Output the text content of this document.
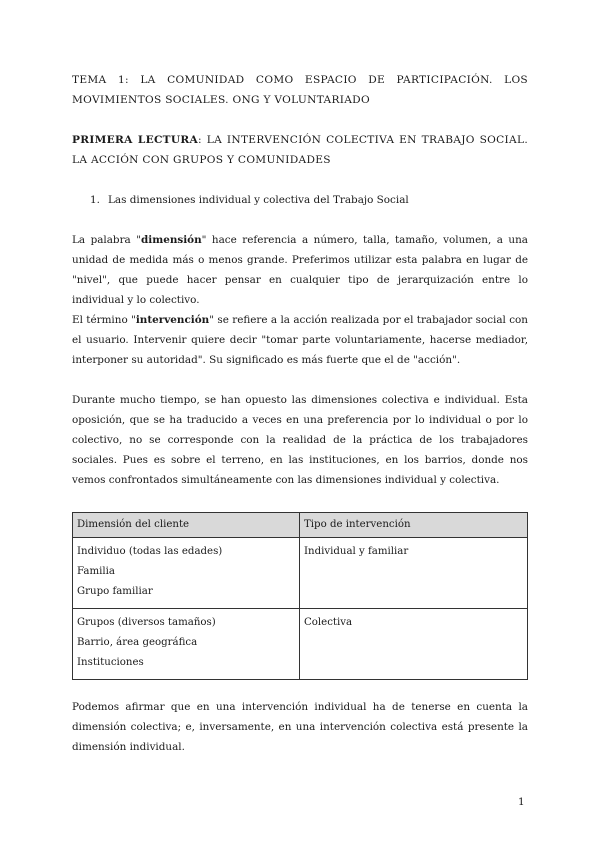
TEMA 1: LA COMUNIDAD COMO ESPACIO DE PARTICIPACIÓN. LOS MOVIMIENTOS SOCIALES. ONG Y VOLUNTARIADO

PRIMERA LECTURA: LA INTERVENCIÓN COLECTIVA EN TRABAJO SOCIAL. LA ACCIÓN CON GRUPOS Y COMUNIDADES

1. Las dimensiones individual y colectiva del Trabajo Social

La palabra "dimensión" hace referencia a número, talla, tamaño, volumen, a una unidad de medida más o menos grande. Preferimos utilizar esta palabra en lugar de "nivel", que puede hacer pensar en cualquier tipo de jerarquización entre lo individual y lo colectivo.

El término "intervención" se refiere a la acción realizada por el trabajador social con el usuario. Intervenir quiere decir "tomar parte voluntariamente, hacerse mediador, interponer su autoridad". Su significado es más fuerte que el de "acción".

Durante mucho tiempo, se han opuesto las dimensiones colectiva e individual. Esta oposición, que se ha traducido a veces en una preferencia por lo individual o por lo colectivo, no se corresponde con la realidad de la práctica de los trabajadores sociales. Pues es sobre el terreno, en las instituciones, en los barrios, donde nos vemos confrontados simultáneamente con las dimensiones individual y colectiva.

Dimensión del cliente	Tipo de intervención

Individuo (todas las edades)
Familia
Grupo familiar	Individual y familiar

Grupos (diversos tamaños)
Barrio, área geográfica
Instituciones	Colectiva

Podemos afirmar que en una intervención individual ha de tenerse en cuenta la dimensión colectiva; e, inversamente, en una intervención colectiva está presente la dimensión individual.

1
